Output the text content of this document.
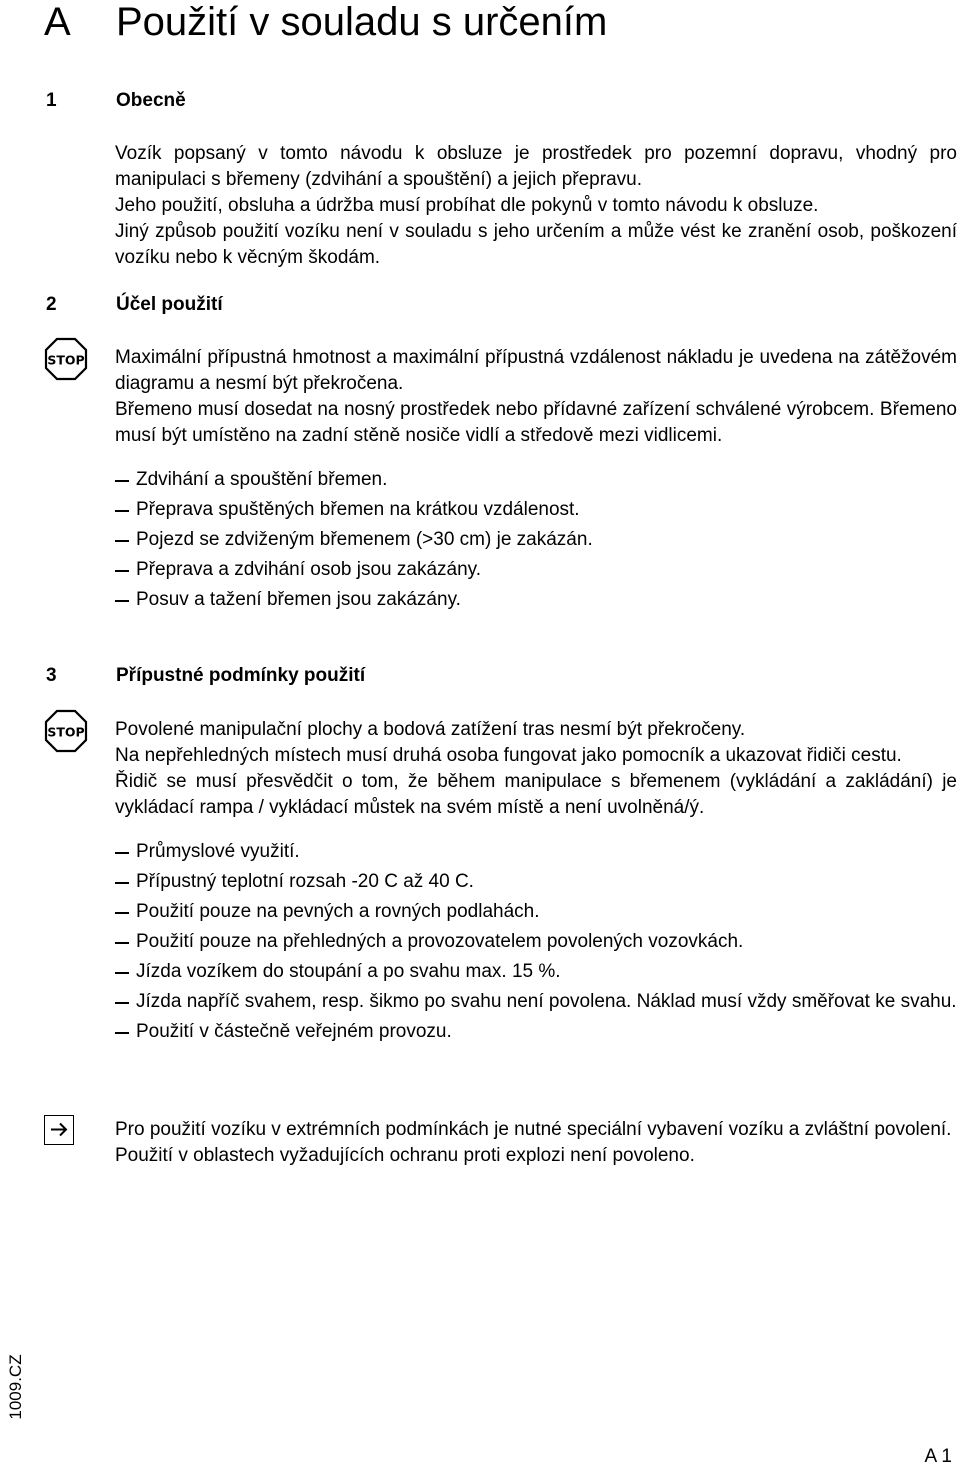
A Použití v souladu s určením
1	Obecně

Vozík popsaný v tomto návodu k obsluze je prostředek pro pozemní dopravu, vhodný pro manipulaci s břemeny (zdvihání a spouštění) a jejich přepravu.

Jeho použití, obsluha a údržba musí probíhat dle pokynů v tomto návodu k obsluze.

Jiný způsob použití vozíku není v souladu s jeho určením a může vést ke zranění osob, poškození vozíku nebo k věcným škodám.

2	Účel použití
STOP Maximální přípustná hmotnost a maximální přípustná vzdálenost nákladu je uvedena na zátěžovém diagramu a nesmí být překročena.

Břemeno musí dosedat na nosný prostředek nebo přídavné zařízení schválené výrobcem. Břemeno musí být umístěno na zadní stěně nosiče vidlí a středově mezi vidlicemi.

Zdvihání a spouštění břemen.
Přeprava spuštěných břemen na krátkou vzdálenost.
Pojezd se zdviženým břemenem (>30 cm) je zakázán.
Přeprava a zdvihání osob jsou zakázány.
Posuv a tažení břemen jsou zakázány.
3	Přípustné podmínky použití
STOP Povolené manipulační plochy a bodová zatížení tras nesmí být překročeny.

Na nepřehledných místech musí druhá osoba fungovat jako pomocník a ukazovat řidiči cestu.

Řidič se musí přesvědčit o tom, že během manipulace s břemenem (vykládání a zakládání) je vykládací rampa / vykládací můstek na svém místě a není uvolněná/ý.

Průmyslové využití.
Přípustný teplotní rozsah -20 C až 40 C.
Použití pouze na pevných a rovných podlahách.
Použití pouze na přehledných a provozovatelem povolených vozovkách.
Jízda vozíkem do stoupání a po svahu max. 15 %.
Jízda napříč svahem, resp. šikmo po svahu není povolena. Náklad musí vždy směřovat ke svahu.
Použití v částečně veřejném provozu.

Pro použití vozíku v extrémních podmínkách je nutné speciální vybavení vozíku a zvláštní povolení.

Použití v oblastech vyžadujících ochranu proti explozi není povoleno.

1009.CZ
A 1
